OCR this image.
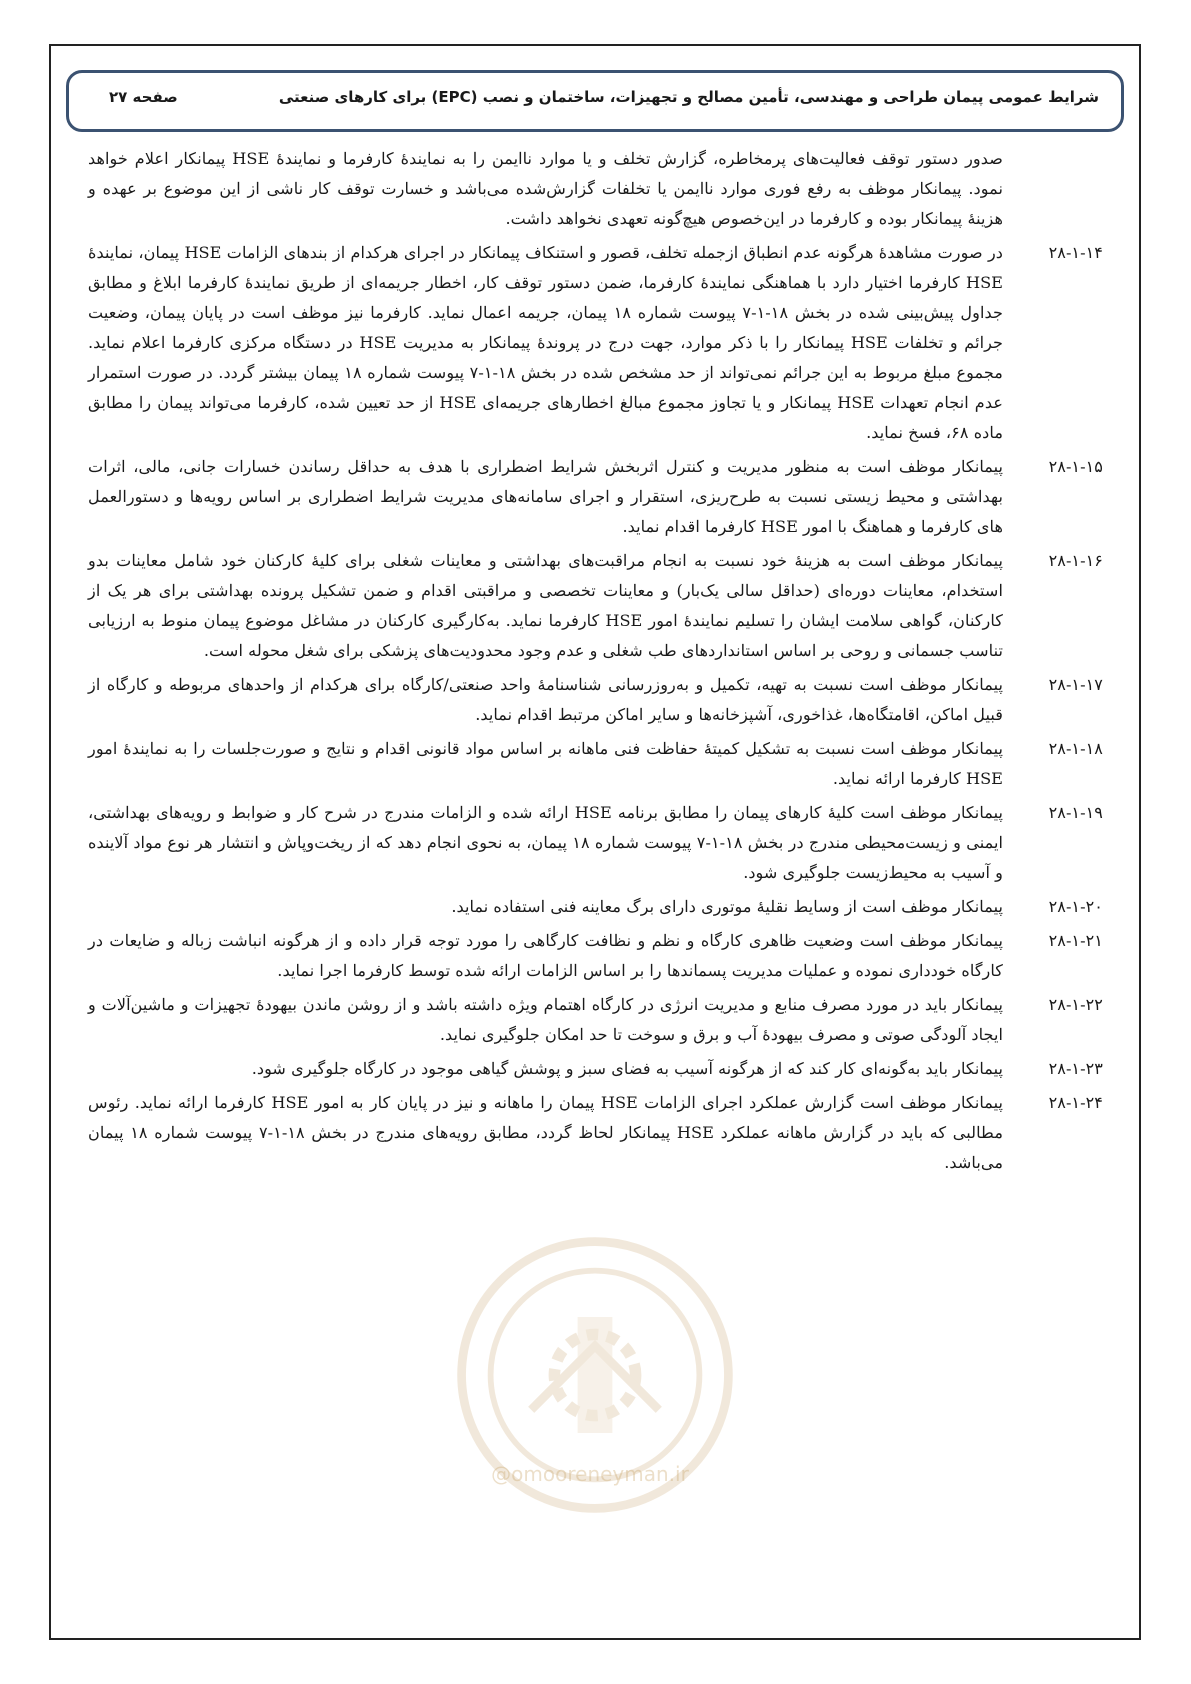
شرایط عمومی پیمان طراحی و مهندسی، تأمین مصالح و تجهیزات، ساختمان و نصب (EPC) برای کارهای صنعتی
صفحه ۲۷
@omooreneyman.ir
صدور دستور توقف فعالیت‌های پرمخاطره، گزارش تخلف و یا موارد ناایمن را به نمایندهٔ کارفرما و نمایندهٔ HSE پیمانکار اعلام خواهد نمود. پیمانکار موظف به رفع فوری موارد ناایمن یا تخلفات گزارش‌شده می‌باشد و خسارت توقف کار ناشی از این موضوع بر عهده و هزینهٔ پیمانکار بوده و کارفرما در این‌خصوص هیچ‌گونه تعهدی نخواهد داشت.
۲۸-۱-۱۴
در صورت مشاهدهٔ هرگونه عدم انطباق ازجمله تخلف، قصور و استنکاف پیمانکار در اجرای هرکدام از بندهای الزامات HSE پیمان، نمایندهٔ HSE کارفرما اختیار دارد با هماهنگی نمایندهٔ کارفرما، ضمن دستور توقف کار، اخطار جریمه‌ای از طریق نمایندهٔ کارفرما ابلاغ و مطابق جداول پیش‌بینی شده در بخش ۱۸-۱-۷ پیوست شماره ۱۸ پیمان، جریمه اعمال نماید. کارفرما نیز موظف است در پایان پیمان، وضعیت جرائم و تخلفات HSE پیمانکار را با ذکر موارد، جهت درج در پروندهٔ پیمانکار به مدیریت HSE در دستگاه مرکزی کارفرما اعلام نماید. مجموع مبلغ مربوط به این جرائم نمی‌تواند از حد مشخص شده در بخش ۱۸-۱-۷ پیوست شماره ۱۸ پیمان بیشتر گردد. در صورت استمرار عدم انجام تعهدات HSE پیمانکار و یا تجاوز مجموع مبالغ اخطارهای جریمه‌ای HSE از حد تعیین شده، کارفرما می‌تواند پیمان را مطابق ماده ۶۸، فسخ نماید.
۲۸-۱-۱۵
پیمانکار موظف است به منظور مدیریت و کنترل اثربخش شرایط اضطراری با هدف به حداقل رساندن خسارات جانی، مالی، اثرات بهداشتی و محیط زیستی نسبت به طرح‌ریزی، استقرار و اجرای سامانه‌های مدیریت شرایط اضطراری بر اساس رویه‌ها و دستورالعمل های کارفرما و هماهنگ با امور HSE کارفرما اقدام نماید.
۲۸-۱-۱۶
پیمانکار موظف است به هزینهٔ خود نسبت به انجام مراقبت‌های بهداشتی و معاینات شغلی برای کلیهٔ کارکنان خود شامل معاینات بدو استخدام، معاینات دوره‌ای (حداقل سالی یک‌بار) و معاینات تخصصی و مراقبتی اقدام و ضمن تشکیل پرونده بهداشتی برای هر یک از کارکنان، گواهی سلامت ایشان را تسلیم نمایندهٔ امور HSE کارفرما نماید. به‌کارگیری کارکنان در مشاغل موضوع پیمان منوط به ارزیابی تناسب جسمانی و روحی بر اساس استانداردهای طب شغلی و عدم وجود محدودیت‌های پزشکی برای شغل محوله است.
۲۸-۱-۱۷
پیمانکار موظف است نسبت به تهیه، تکمیل و به‌روزرسانی شناسنامهٔ واحد صنعتی/کارگاه برای هرکدام از واحدهای مربوطه و کارگاه از قبیل اماکن، اقامتگاه‌ها، غذاخوری، آشپزخانه‌ها و سایر اماکن مرتبط اقدام نماید.
۲۸-۱-۱۸
پیمانکار موظف است نسبت به تشکیل کمیتهٔ حفاظت فنی ماهانه بر اساس مواد قانونی اقدام و نتایج و صورت‌جلسات را به نمایندهٔ امور HSE کارفرما ارائه نماید.
۲۸-۱-۱۹
پیمانکار موظف است کلیهٔ کارهای پیمان را مطابق برنامه HSE ارائه شده و الزامات مندرج در شرح کار و ضوابط و رویه‌های بهداشتی، ایمنی و زیست‌محیطی مندرج در بخش ۱۸-۱-۷ پیوست شماره ۱۸ پیمان، به نحوی انجام دهد که از ریخت‌وپاش و انتشار هر نوع مواد آلاینده و آسیب به محیط‌زیست جلوگیری شود.
۲۸-۱-۲۰
پیمانکار موظف است از وسایط نقلیهٔ موتوری دارای برگ معاینه فنی استفاده نماید.
۲۸-۱-۲۱
پیمانکار موظف است وضعیت ظاهری کارگاه و نظم و نظافت کارگاهی را مورد توجه قرار داده و از هرگونه انباشت زباله و ضایعات در کارگاه خودداری نموده و عملیات مدیریت پسماندها را بر اساس الزامات ارائه شده توسط کارفرما اجرا نماید.
۲۸-۱-۲۲
پیمانکار باید در مورد مصرف منابع و مدیریت انرژی در کارگاه اهتمام ویژه داشته باشد و از روشن ماندن بیهودهٔ تجهیزات و ماشین‌آلات و ایجاد آلودگی صوتی و مصرف بیهودهٔ آب و برق و سوخت تا حد امکان جلوگیری نماید.
۲۸-۱-۲۳
پیمانکار باید به‌گونه‌ای کار کند که از هرگونه آسیب به فضای سبز و پوشش گیاهی موجود در کارگاه جلوگیری شود.
۲۸-۱-۲۴
پیمانکار موظف است گزارش عملکرد اجرای الزامات HSE پیمان را ماهانه و نیز در پایان کار به امور HSE کارفرما ارائه نماید. رئوس مطالبی که باید در گزارش ماهانه عملکرد HSE پیمانکار لحاظ گردد، مطابق رویه‌های مندرج در بخش ۱۸-۱-۷ پیوست شماره ۱۸ پیمان می‌باشد.
